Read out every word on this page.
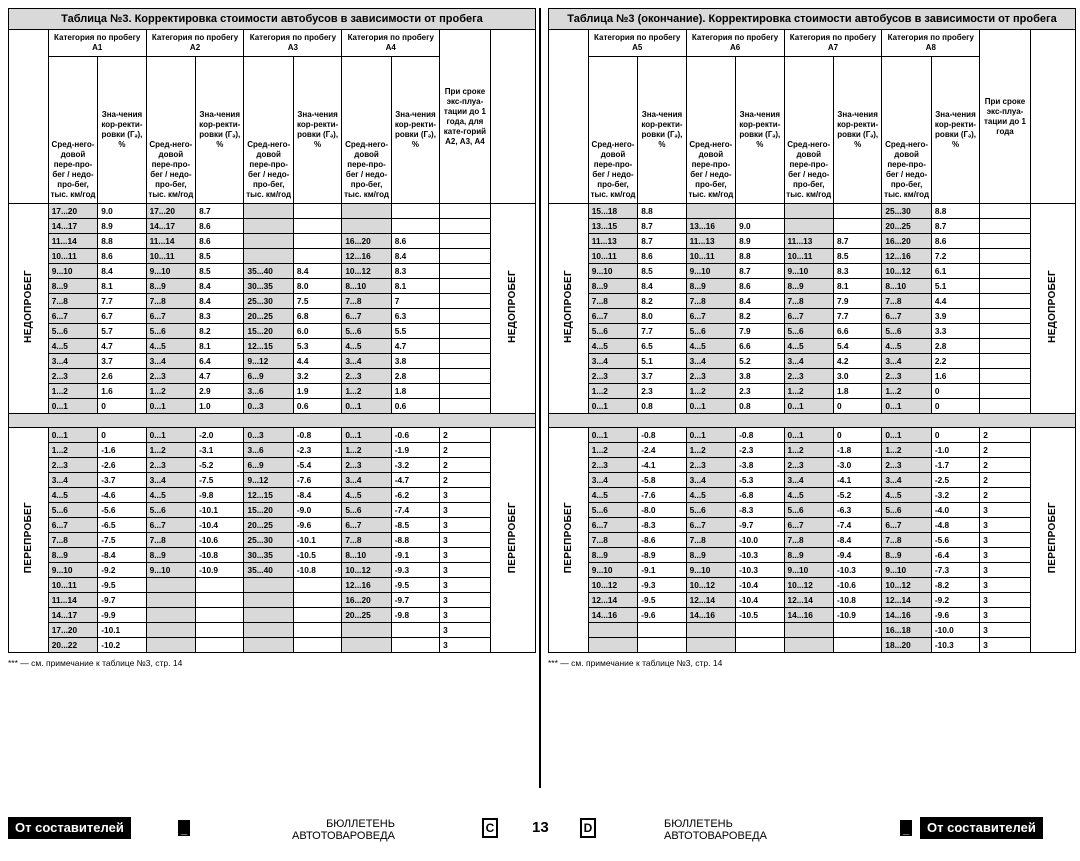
Таблица №3. Корректировка стоимости автобусов в зависимости от пробега										
	Категория по пробегу А1		Категория по пробегу А2		Категория по пробегу А3		Категория по пробегу А4		При сроке экс-плуа-тации до 1 года, для кате-горий А2, А3, А4	
	Сред-него-довой пере-про-бег / недо-про-бег, тыс. км/год	Зна-чения кор-ректи-ровки (Гₔ), %	Сред-него-довой пере-про-бег / недо-про-бег, тыс. км/год	Зна-чения кор-ректи-ровки (Гₔ), %	Сред-него-довой пере-про-бег / недо-про-бег, тыс. км/год	Зна-чения кор-ректи-ровки (Гₔ), %	Сред-него-довой пере-про-бег / недо-про-бег, тыс. км/год	Зна-чения кор-ректи-ровки (Гₔ), %		
НЕДОПРОБЕГ	17...20	9.0	17...20	8.7						НЕДОПРОБЕГ
	14...17	8.9	14...17	8.6						
	11...14	8.8	11...14	8.6			16...20	8.6		
	10...11	8.6	10...11	8.5			12...16	8.4		
	9...10	8.4	9...10	8.5	35...40	8.4	10...12	8.3		
	8...9	8.1	8...9	8.4	30...35	8.0	8...10	8.1		
	7...8	7.7	7...8	8.4	25...30	7.5	7...8	7		
	6...7	6.7	6...7	8.3	20...25	6.8	6...7	6.3		
	5...6	5.7	5...6	8.2	15...20	6.0	5...6	5.5		
	4...5	4.7	4...5	8.1	12...15	5.3	4...5	4.7		
	3...4	3.7	3...4	6.4	9...12	4.4	3...4	3.8		
	2...3	2.6	2...3	4.7	6...9	3.2	2...3	2.8		
	1...2	1.6	1...2	2.9	3...6	1.9	1...2	1.8		
	0...1	0	0...1	1.0	0...3	0.6	0...1	0.6		

ПЕРЕПРОБЕГ	0...1	0	0...1	-2.0	0...3	-0.8	0...1	-0.6	2	ПЕРЕПРОБЕГ
	1...2	-1.6	1...2	-3.1	3...6	-2.3	1...2	-1.9	2	
	2...3	-2.6	2...3	-5.2	6...9	-5.4	2...3	-3.2	2	
	3...4	-3.7	3...4	-7.5	9...12	-7.6	3...4	-4.7	2	
	4...5	-4.6	4...5	-9.8	12...15	-8.4	4...5	-6.2	3	
	5...6	-5.6	5...6	-10.1	15...20	-9.0	5...6	-7.4	3	
	6...7	-6.5	6...7	-10.4	20...25	-9.6	6...7	-8.5	3	
	7...8	-7.5	7...8	-10.6	25...30	-10.1	7...8	-8.8	3	
	8...9	-8.4	8...9	-10.8	30...35	-10.5	8...10	-9.1	3	
	9...10	-9.2	9...10	-10.9	35...40	-10.8	10...12	-9.3	3	
	10...11	-9.5					12...16	-9.5	3	
	11...14	-9.7					16...20	-9.7	3	
	14...17	-9.9					20...25	-9.8	3	
	17...20	-10.1							3	
	20...22	-10.2							3	
*** — см. примечание к таблице №3, стр. 14
Таблица №3 (окончание). Корректировка стоимости автобусов в зависимости от пробега										
	Категория по пробегу А5		Категория по пробегу А6		Категория по пробегу А7		Категория по пробегу А8		При сроке экс-плуа-тации до 1 года	
	Сред-него-довой пере-про-бег / недо-про-бег, тыс. км/год	Зна-чения кор-ректи-ровки (Гₔ), %	Сред-него-довой пере-про-бег / недо-про-бег, тыс. км/год	Зна-чения кор-ректи-ровки (Гₔ), %	Сред-него-довой пере-про-бег / недо-про-бег, тыс. км/год	Зна-чения кор-ректи-ровки (Гₔ), %	Сред-него-довой пере-про-бег / недо-про-бег, тыс. км/год	Зна-чения кор-ректи-ровки (Гₔ), %		
НЕДОПРОБЕГ	15...18	8.8					25...30	8.8		НЕДОПРОБЕГ
	13...15	8.7	13...16	9.0			20...25	8.7		
	11...13	8.7	11...13	8.9	11...13	8.7	16...20	8.6		
	10...11	8.6	10...11	8.8	10...11	8.5	12...16	7.2		
	9...10	8.5	9...10	8.7	9...10	8.3	10...12	6.1		
	8...9	8.4	8...9	8.6	8...9	8.1	8...10	5.1		
	7...8	8.2	7...8	8.4	7...8	7.9	7...8	4.4		
	6...7	8.0	6...7	8.2	6...7	7.7	6...7	3.9		
	5...6	7.7	5...6	7.9	5...6	6.6	5...6	3.3		
	4...5	6.5	4...5	6.6	4...5	5.4	4...5	2.8		
	3...4	5.1	3...4	5.2	3...4	4.2	3...4	2.2		
	2...3	3.7	2...3	3.8	2...3	3.0	2...3	1.6		
	1...2	2.3	1...2	2.3	1...2	1.8	1...2	0		
	0...1	0.8	0...1	0.8	0...1	0	0...1	0		

ПЕРЕПРОБЕГ	0...1	-0.8	0...1	-0.8	0...1	0	0...1	0	2	ПЕРЕПРОБЕГ
	1...2	-2.4	1...2	-2.3	1...2	-1.8	1...2	-1.0	2	
	2...3	-4.1	2...3	-3.8	2...3	-3.0	2...3	-1.7	2	
	3...4	-5.8	3...4	-5.3	3...4	-4.1	3...4	-2.5	2	
	4...5	-7.6	4...5	-6.8	4...5	-5.2	4...5	-3.2	2	
	5...6	-8.0	5...6	-8.3	5...6	-6.3	5...6	-4.0	3	
	6...7	-8.3	6...7	-9.7	6...7	-7.4	6...7	-4.8	3	
	7...8	-8.6	7...8	-10.0	7...8	-8.4	7...8	-5.6	3	
	8...9	-8.9	8...9	-10.3	8...9	-9.4	8...9	-6.4	3	
	9...10	-9.1	9...10	-10.3	9...10	-10.3	9...10	-7.3	3	
	10...12	-9.3	10...12	-10.4	10...12	-10.6	10...12	-8.2	3	
	12...14	-9.5	12...14	-10.4	12...14	-10.8	12...14	-9.2	3	
	14...16	-9.6	14...16	-10.5	14...16	-10.9	14...16	-9.6	3	
							16...18	-10.0	3	
							18...20	-10.3	3	
*** — см. примечание к таблице №3, стр. 14
От составителей	_	БЮЛЛЕТЕНЬ
АВТОТОВАРОВЕДА
C	13	D	БЮЛЛЕТЕНЬ
АВТОТОВАРОВЕДА	_	От составителей
